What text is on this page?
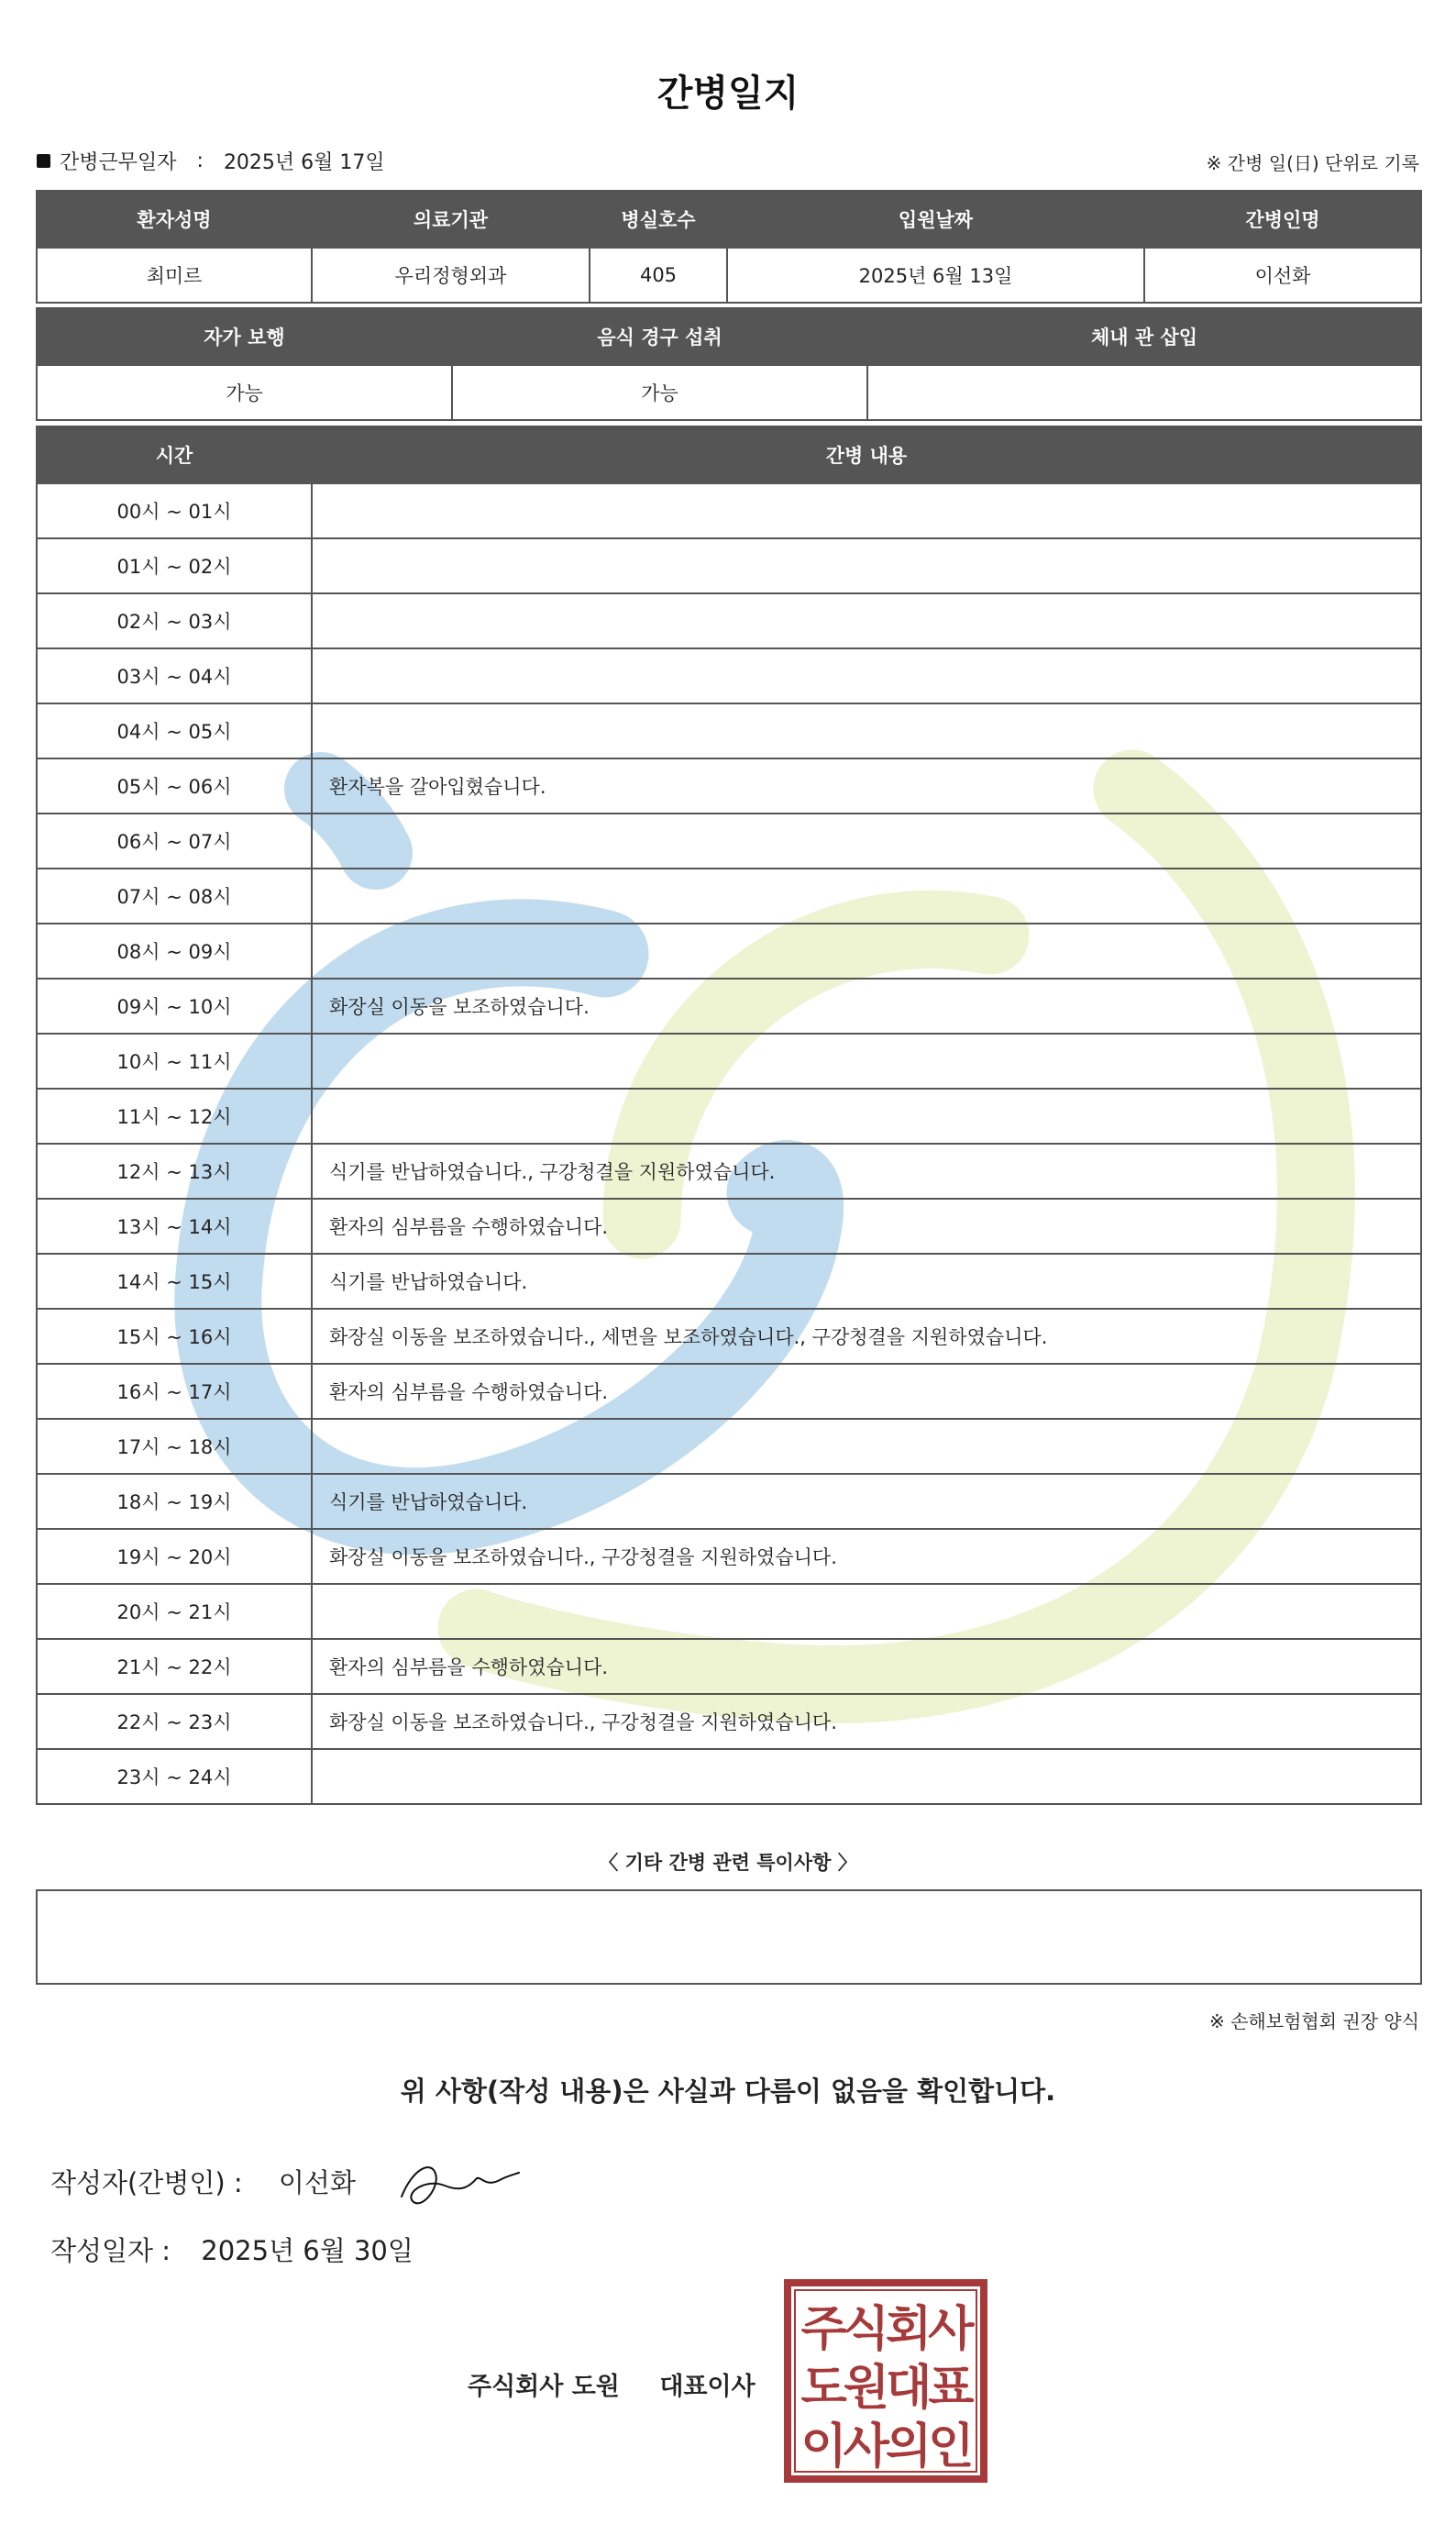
간병일지
간병근무일자 : 2025년 6월 17일	※ 간병 일(日) 단위로 기록
환자성명	의료기관	병실호수	입원날짜	간병인명
최미르	우리정형외과	405	2025년 6월 13일	이선화
자가 보행	음식 경구 섭취	체내 관 삽입
가능	가능	
시간	간병 내용
00시 ~ 01시	
01시 ~ 02시	
02시 ~ 03시	
03시 ~ 04시	
04시 ~ 05시	
05시 ~ 06시	환자복을 갈아입혔습니다.
06시 ~ 07시	
07시 ~ 08시	
08시 ~ 09시	
09시 ~ 10시	화장실 이동을 보조하였습니다.
10시 ~ 11시	
11시 ~ 12시	
12시 ~ 13시	식기를 반납하였습니다., 구강청결을 지원하였습니다.
13시 ~ 14시	환자의 심부름을 수행하였습니다.
14시 ~ 15시	식기를 반납하였습니다.
15시 ~ 16시	화장실 이동을 보조하였습니다., 세면을 보조하였습니다., 구강청결을 지원하였습니다.
16시 ~ 17시	환자의 심부름을 수행하였습니다.
17시 ~ 18시	
18시 ~ 19시	식기를 반납하였습니다.
19시 ~ 20시	화장실 이동을 보조하였습니다., 구강청결을 지원하였습니다.
20시 ~ 21시	
21시 ~ 22시	환자의 심부름을 수행하였습니다.
22시 ~ 23시	화장실 이동을 보조하였습니다., 구강청결을 지원하였습니다.
23시 ~ 24시	
〈 기타 간병 관련 특이사항 〉
※ 손해보험협회 권장 양식
위 사항(작성 내용)은 사실과 다름이 없음을 확인합니다.
작성자(간병인) : 이선화
작성일자 : 2025년 6월 30일
주식회사 도원 대표이사
주식회사
도원대표
이사의인
